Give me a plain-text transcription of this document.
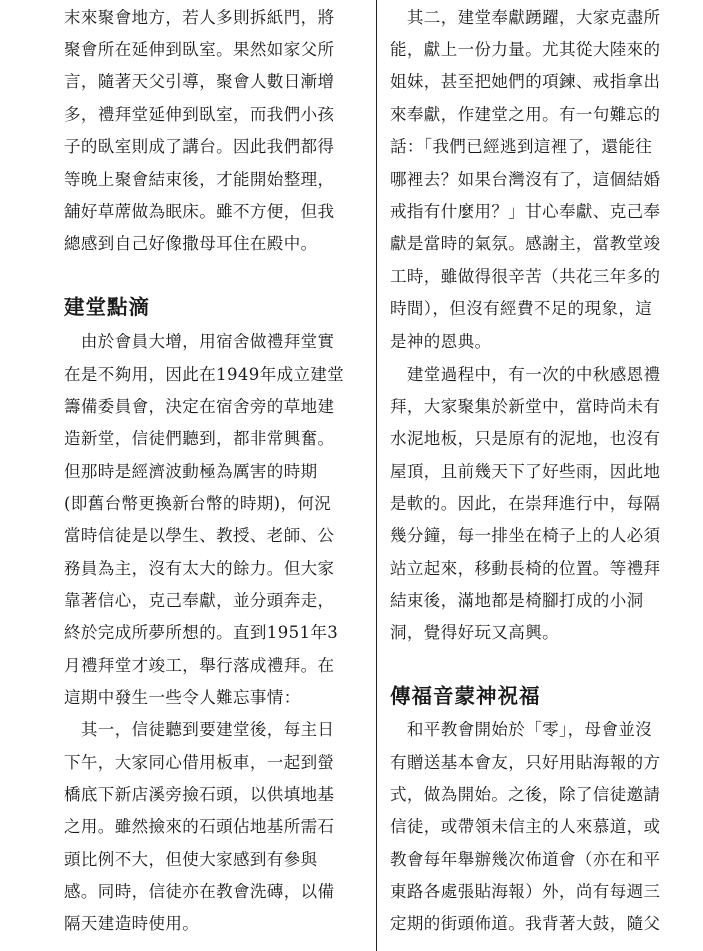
末來聚會地方，若人多則拆紙門，將
聚會所在延伸到臥室。果然如家父所
言，隨著天父引導，聚會人數日漸增
多，禮拜堂延伸到臥室，而我們小孩
子的臥室則成了講台。因此我們都得
等晚上聚會結束後，才能開始整理，
舖好草蓆做為眠床。雖不方便，但我
總感到自己好像撒母耳住在殿中。
建堂點滴
　由於會員大增，用宿舍做禮拜堂實
在是不夠用，因此在1949年成立建堂
籌備委員會，決定在宿舍旁的草地建
造新堂，信徒們聽到，都非常興奮。
但那時是經濟波動極為厲害的時期
(即舊台幣更換新台幣的時期)，何況
當時信徒是以學生、教授、老師、公
務員為主，沒有太大的餘力。但大家
靠著信心，克己奉獻，並分頭奔走，
終於完成所夢所想的。直到1951年3
月禮拜堂才竣工，舉行落成禮拜。在
這期中發生一些令人難忘事情：
　其一，信徒聽到要建堂後，每主日
下午，大家同心借用板車，一起到螢
橋底下新店溪旁撿石頭，以供填地基
之用。雖然撿來的石頭佔地基所需石
頭比例不大，但使大家感到有參與
感。同時，信徒亦在教會洗磚，以備
隔天建造時使用。
　其二，建堂奉獻踴躍，大家克盡所
能，獻上一份力量。尤其從大陸來的
姐妹，甚至把她們的項鍊、戒指拿出
來奉獻，作建堂之用。有一句難忘的
話：「我們已經逃到這裡了，還能往
哪裡去？如果台灣沒有了，這個結婚
戒指有什麼用？」甘心奉獻、克己奉
獻是當時的氣氛。感謝主，當教堂竣
工時，雖做得很辛苦（共花三年多的
時間），但沒有經費不足的現象，這
是神的恩典。
　建堂過程中，有一次的中秋感恩禮
拜，大家聚集於新堂中，當時尚未有
水泥地板，只是原有的泥地，也沒有
屋頂，且前幾天下了好些雨，因此地
是軟的。因此，在崇拜進行中，每隔
幾分鐘，每一排坐在椅子上的人必須
站立起來，移動長椅的位置。等禮拜
結束後，滿地都是椅腳打成的小洞
洞，覺得好玩又高興。
傳福音蒙神祝福
　和平教會開始於「零」，母會並沒
有贈送基本會友，只好用貼海報的方
式，做為開始。之後，除了信徒邀請
信徒，或帶領未信主的人來慕道，或
教會每年舉辦幾次佈道會（亦在和平
東路各處張貼海報）外，尚有每週三
定期的街頭佈道。我背著大鼓，隨父
